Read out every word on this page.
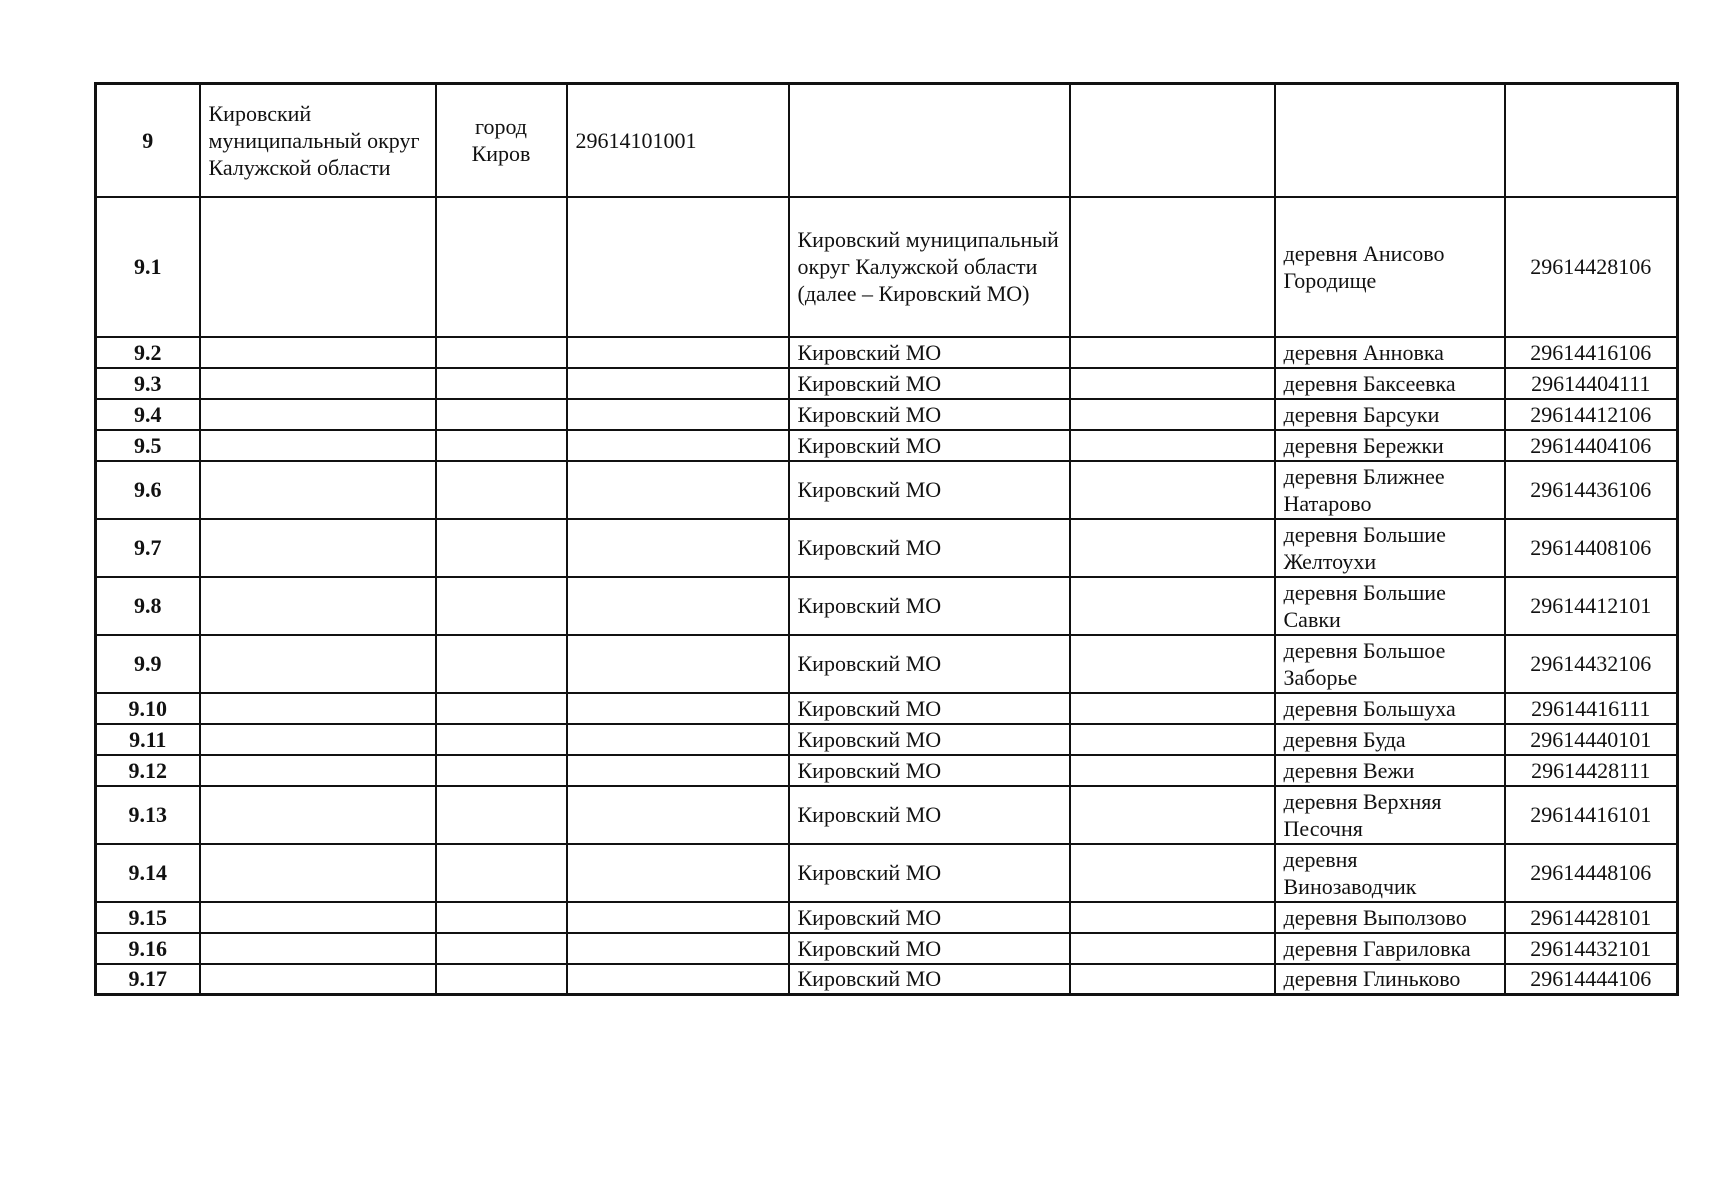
9	Кировский муниципальный округ Калужской области	город Киров	29614101001				
9.1				Кировский муниципальный округ Калужской области (далее – Кировский МО)		деревня Анисово Городище	29614428106
9.2				Кировский МО		деревня Анновка	29614416106
9.3				Кировский МО		деревня Баксеевка	29614404111
9.4				Кировский МО		деревня Барсуки	29614412106
9.5				Кировский МО		деревня Бережки	29614404106
9.6				Кировский МО		деревня Ближнее Натарово	29614436106
9.7				Кировский МО		деревня Большие Желтоухи	29614408106
9.8				Кировский МО		деревня Большие Савки	29614412101
9.9				Кировский МО		деревня Большое Заборье	29614432106
9.10				Кировский МО		деревня Большуха	29614416111
9.11				Кировский МО		деревня Буда	29614440101
9.12				Кировский МО		деревня Вежи	29614428111
9.13				Кировский МО		деревня Верхняя Песочня	29614416101
9.14				Кировский МО		деревня Винозаводчик	29614448106
9.15				Кировский МО		деревня Выползово	29614428101
9.16				Кировский МО		деревня Гавриловка	29614432101
9.17				Кировский МО		деревня Глиньково	29614444106
